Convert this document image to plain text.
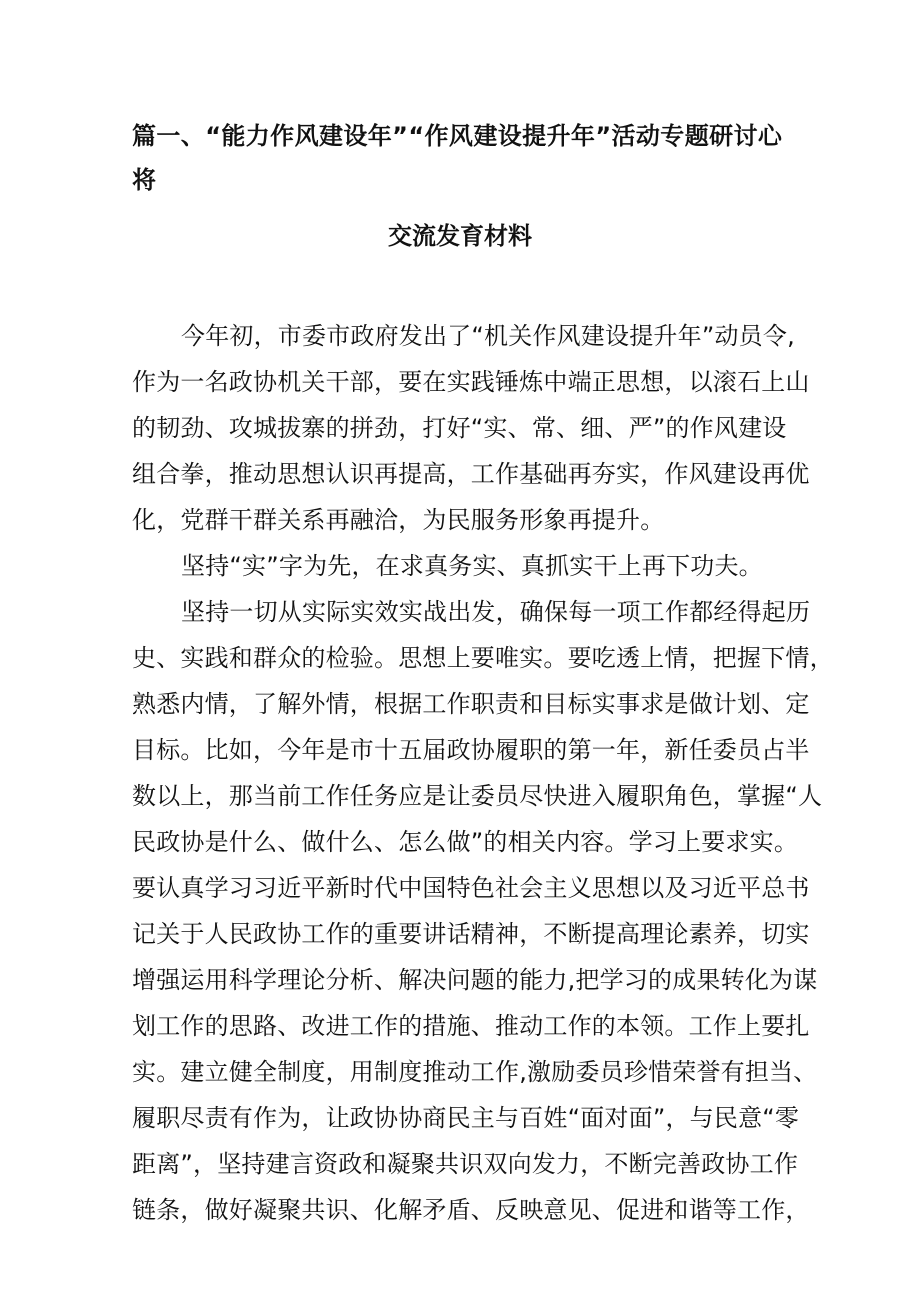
篇一、“能力作风建设年”“作风建设提升年”活动专题研讨心
将
交流发育材料
今年初，市委市政府发出了“机关作风建设提升年”动员令,
作为一名政协机关干部，要在实践锤炼中端正思想，以滚石上山
的韧劲、攻城拔寨的拼劲，打好“实、常、细、严”的作风建设
组合拳，推动思想认识再提高，工作基础再夯实，作风建设再优
化，党群干群关系再融洽，为民服务形象再提升。
坚持“实”字为先，在求真务实、真抓实干上再下功夫。
坚持一切从实际实效实战出发，确保每一项工作都经得起历
史、实践和群众的检验。思想上要唯实。要吃透上情，把握下情，
熟悉内情，了解外情，根据工作职责和目标实事求是做计划、定
目标。比如，今年是市十五届政协履职的第一年，新任委员占半
数以上，那当前工作任务应是让委员尽快进入履职角色，掌握“人
民政协是什么、做什么、怎么做”的相关内容。学习上要求实。
要认真学习习近平新时代中国特色社会主义思想以及习近平总书
记关于人民政协工作的重要讲话精神，不断提高理论素养，切实
增强运用科学理论分析、解决问题的能力,把学习的成果转化为谋
划工作的思路、改进工作的措施、推动工作的本领。工作上要扎
实。建立健全制度，用制度推动工作,激励委员珍惜荣誉有担当、
履职尽责有作为，让政协协商民主与百姓“面对面”，与民意“零
距离”，坚持建言资政和凝聚共识双向发力，不断完善政协工作
链条，做好凝聚共识、化解矛盾、反映意见、促进和谐等工作，
